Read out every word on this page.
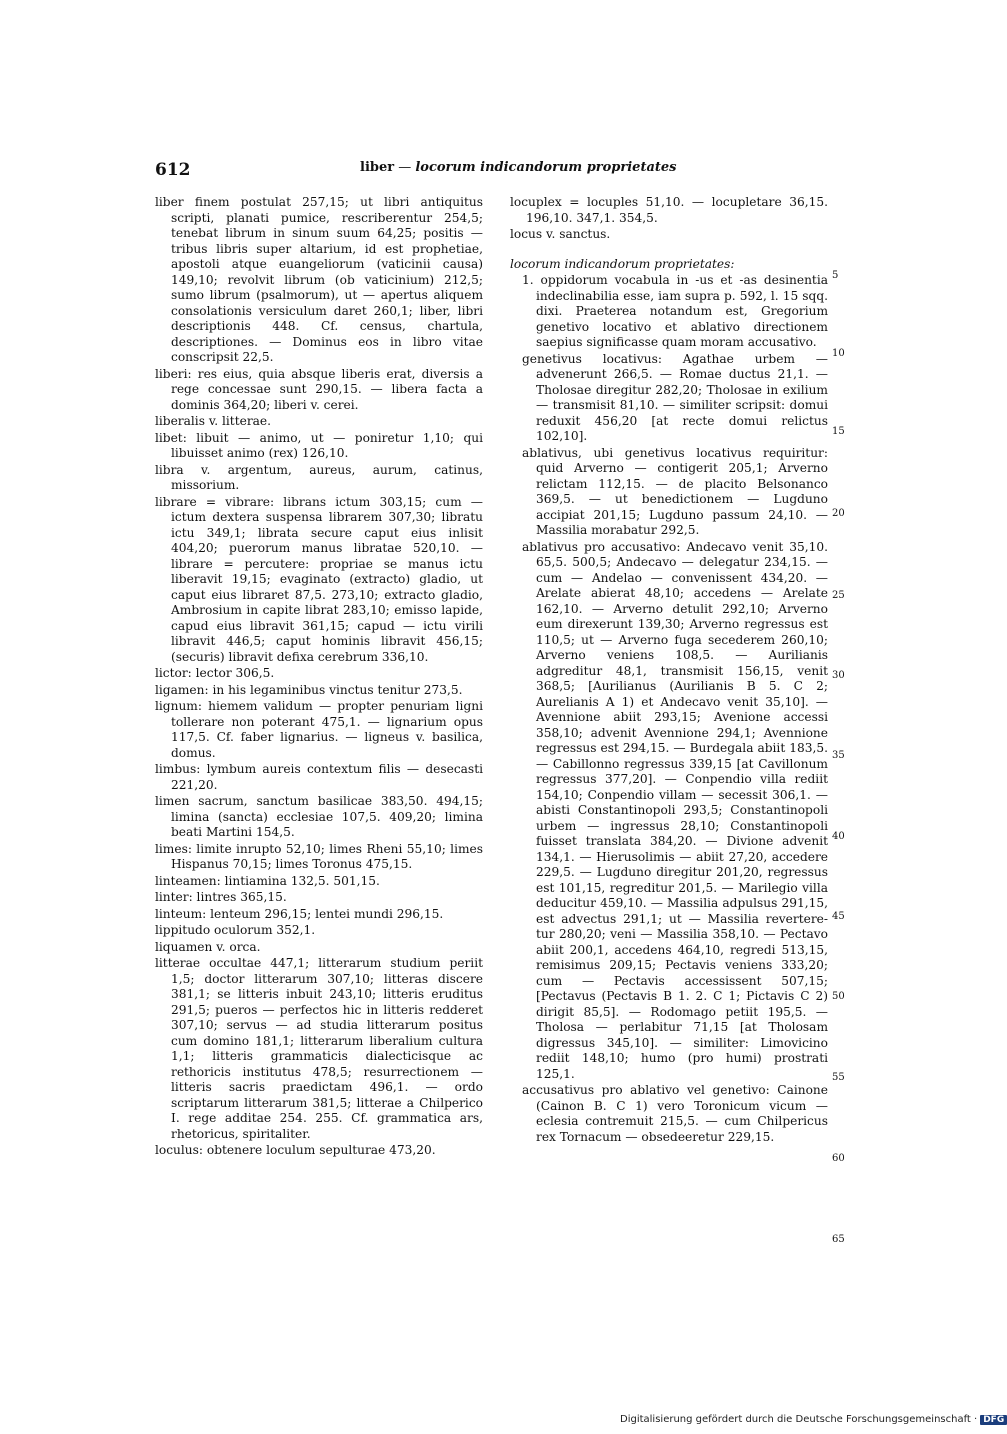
612	liber — locorum indicandorum proprietates

liber finem postulat 257,15; ut libri antiquitus scripti, planati pumice, rescriberentur 254,5; tenebat librum in sinum suum 64,25; positis — tribus libris super altarium, id est prophetiae, apostoli atque euangeliorum (vaticinii causa) 149,10; revolvit librum (ob vaticinium) 212,5; sumo librum (psalmorum), ut — apertus aliquem consolationis versiculum daret 260,1; liber, libri descriptionis 448. Cf. census, chartula, descriptiones. — Dominus eos in libro vitae conscripsit 22,5.

liberi: res eius, quia absque liberis erat, diversis a rege concessae sunt 290,15. — libera facta a dominis 364,20; liberi v. cerei.

liberalis v. litterae.

libet: libuit — animo, ut — poniretur 1,10; qui libuisset animo (rex) 126,10.

libra v. argentum, aureus, aurum, catinus, missorium.

librare = vibrare: librans ictum 303,15; cum — ictum dextera suspensa librarem 307,30; libratu ictu 349,1; librata secure caput eius inlisit 404,20; puerorum manus libratae 520,10. — librare = percutere: propriae se manus ictu liberavit 19,15; evaginato (extracto) gladio, ut caput eius libraret 87,5. 273,10; extracto gladio, Ambrosium in capite librat 283,10; emisso lapide, capud eius libravit 361,15; capud — ictu virili libravit 446,5; caput hominis libravit 456,15; (securis) libravit defixa cerebrum 336,10.

lictor: lector 306,5.

ligamen: in his legaminibus vinctus tenitur 273,5.

lignum: hiemem validum — propter penuriam ligni tollerare non poterant 475,1. — lignarium opus 117,5. Cf. faber lignarius. — ligneus v. basilica, domus.

limbus: lymbum aureis contextum filis — desecasti 221,20.

limen sacrum, sanctum basilicae 383,50. 494,15; limina (sancta) ecclesiae 107,5. 409,20; limina beati Martini 154,5.

limes: limite inrupto 52,10; limes Rheni 55,10; limes Hispanus 70,15; limes Toronus 475,15.

linteamen: lintiamina 132,5. 501,15.

linter: lintres 365,15.

linteum: lenteum 296,15; lentei mundi 296,15.

lippitudo oculorum 352,1.

liquamen v. orca.

litterae occultae 447,1; litterarum studium periit 1,5; doctor litterarum 307,10; litteras discere 381,1; se litteris inbuit 243,10; litteris eruditus 291,5; pueros — perfectos hic in litteris redderet 307,10; servus — ad studia litterarum positus cum domino 181,1; litterarum liberalium cultura 1,1; litteris grammaticis dialecticisque ac rethoricis institutus 478,5; resurrectionem — litteris sacris praedictam 496,1. — ordo scriptarum litterarum 381,5; litterae a Chilperico I. rege additae 254. 255. Cf. grammatica ars, rhetoricus, spiritaliter.

loculus: obtenere loculum sepulturae 473,20.

locuplex = locuples 51,10. — locupletare 36,15. 196,10. 347,1. 354,5.

locus v. sanctus.

locorum indicandorum proprietates:

1. oppidorum vocabula in -us et -as desinentia indeclinabilia esse, iam supra p. 592, l. 15 sqq. dixi. Praeterea notandum est, Gregorium genetivo locativo et ablativo directionem saepius significasse quam moram accusativo.

genetivus locativus: Agathae urbem — advenerunt 266,5. — Romae ductus 21,1. — Tholosae diregitur 282,20; Tholosae in exilium — transmisit 81,10. — similiter scripsit: domui reduxit 456,20 [at recte domui relictus 102,10].

ablativus, ubi genetivus locativus requiritur: quid Arverno — contigerit 205,1; Arverno relictam 112,15. — de placito Belsonanco 369,5. — ut benedictionem — Lugduno accipiat 201,15; Lugduno passum 24,10. — Massilia morabatur 292,5.

ablativus pro accusativo: Andecavo venit 35,10. 65,5. 500,5; Andecavo — delegatur 234,15. — cum — Andelao — convenissent 434,20. — Arelate abierat 48,10; accedens — Arelate 162,10. — Arverno detulit 292,10; Arverno eum direxerunt 139,30; Arverno regressus est 110,5; ut — Arverno fuga secederem 260,10; Arverno veniens 108,5. — Aurilianis adgreditur 48,1, transmisit 156,15, venit 368,5; [Aurilianus (Aurilianis B 5. C 2; Aurelianis A 1) et Andecavo venit 35,10]. — Avennione abiit 293,15; Avenione accessi 358,10; advenit Avennione 294,1; Avennione regressus est 294,15. — Burdegala abiit 183,5. — Cabillonno regressus 339,15 [at Cavillonum regressus 377,20]. — Conpendio villa rediit 154,10; Conpendio villam — secessit 306,1. — abisti Constantinopoli 293,5; Constantinopoli urbem — ingressus 28,10; Constantinopoli fuisset translata 384,20. — Divione advenit 134,1. — Hierusolimis — abiit 27,20, accedere 229,5. — Lugduno diregitur 201,20, regressus est 101,15, regreditur 201,5. — Marilegio villa deducitur 459,10. — Massilia adpulsus 291,15, est advectus 291,1; ut — Massilia revertere-tur 280,20; veni — Massilia 358,10. — Pectavo abiit 200,1, accedens 464,10, regredi 513,15, remisimus 209,15; Pectavis veniens 333,20; cum — Pectavis accessissent 507,15; [Pectavus (Pectavis B 1. 2. C 1; Pictavis C 2) dirigit 85,5]. — Rodomago petiit 195,5. — Tholosa — perlabitur 71,15 [at Tholosam digressus 345,10]. — similiter: Limovicino rediit 148,10; humo (pro humi) prostrati 125,1.

accusativus pro ablativo vel genetivo: Cainone (Cainon B. C 1) vero Toronicum vicum — eclesia contremuit 215,5. — cum Chilpericus rex Tornacum — obsedeeretur 229,15.

5
10
15
20
25
30
35
40
45
50
55
60
65
Digitalisierung gefördert durch die Deutsche Forschungsgemeinschaft · DFG
